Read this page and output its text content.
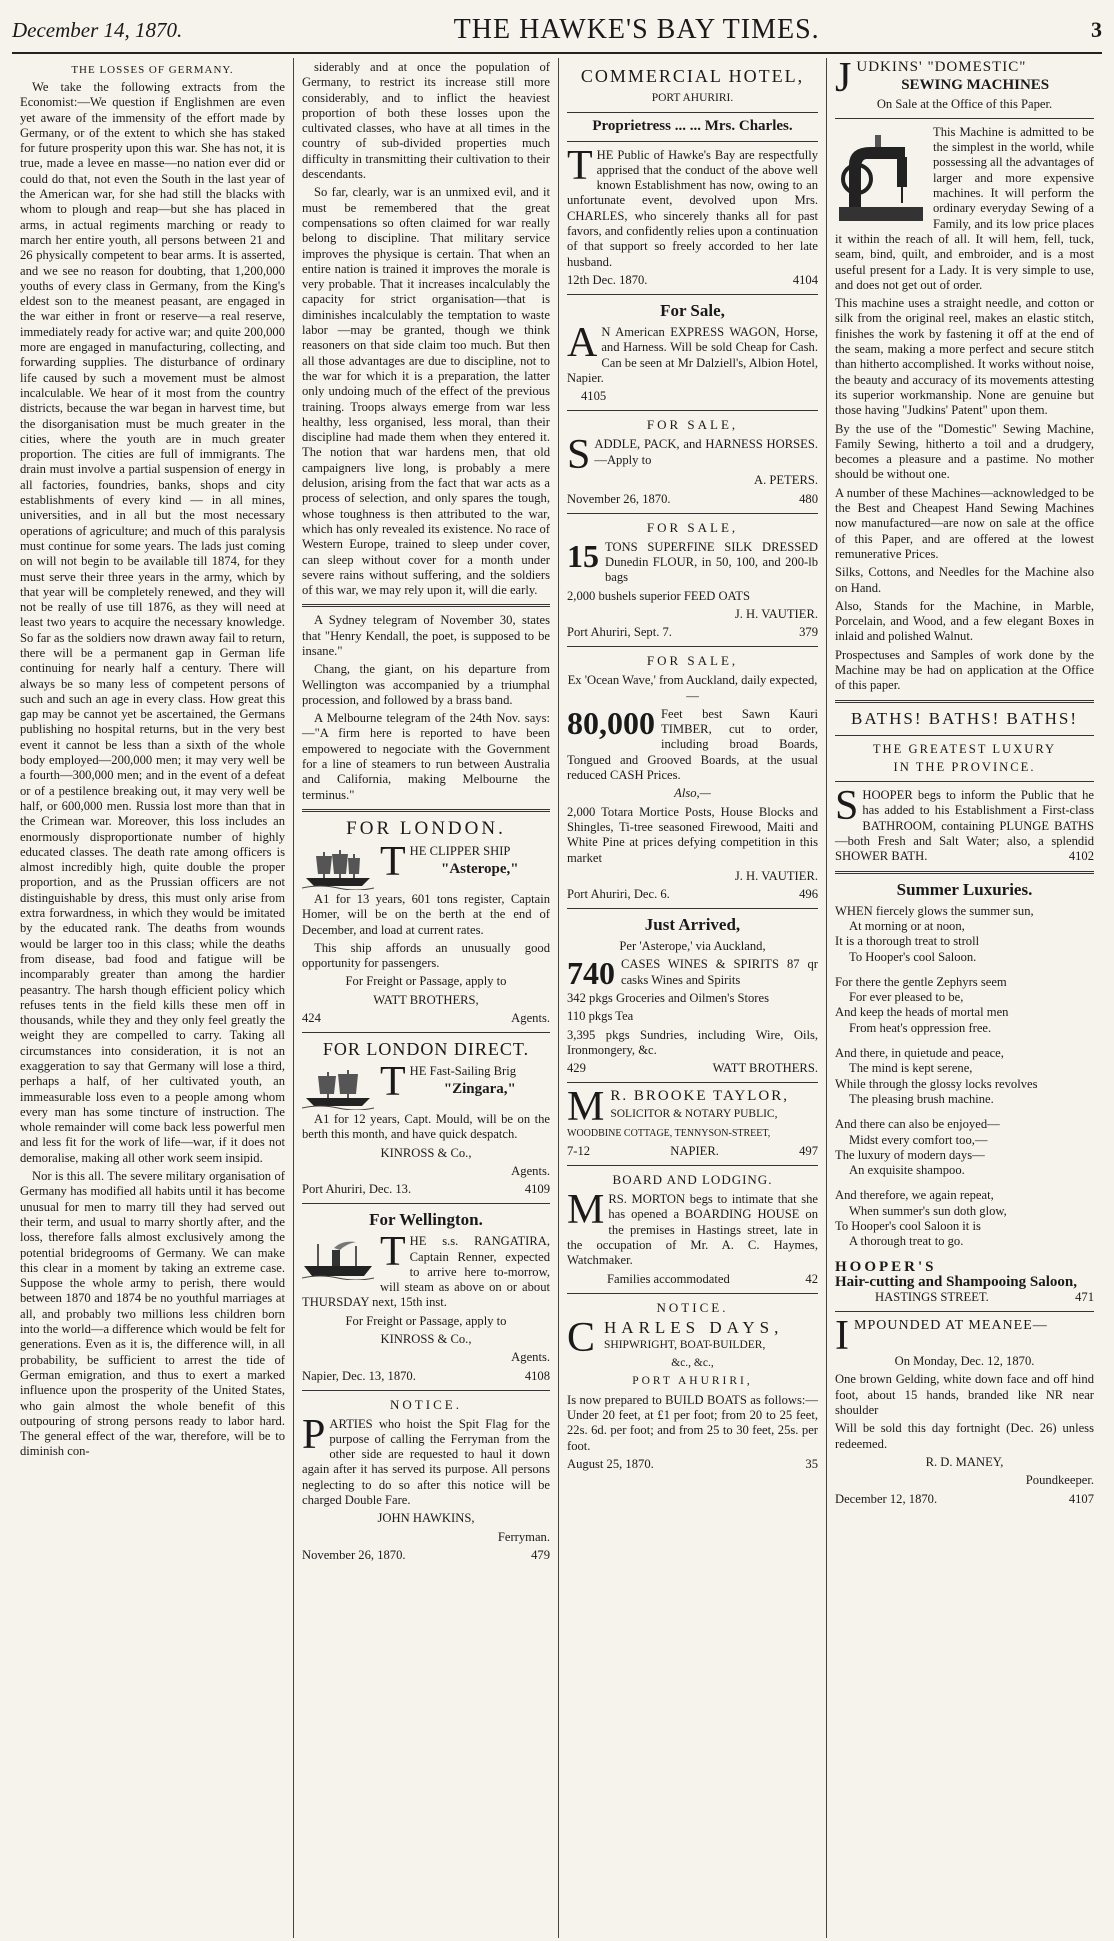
December 14, 1870.	THE HAWKE'S BAY TIMES.	3
THE LOSSES OF GERMANY.

We take the following extracts from the Economist:—We question if Englishmen are even yet aware of the immensity of the effort made by Germany, or of the extent to which she has staked for future prosperity upon this war. She has not, it is true, made a levee en masse—no nation ever did or could do that, not even the South in the last year of the American war, for she had still the blacks with whom to plough and reap—but she has placed in arms, in actual regiments marching or ready to march her entire youth, all persons between 21 and 26 physically competent to bear arms. It is asserted, and we see no reason for doubting, that 1,200,000 youths of every class in Germany, from the King's eldest son to the meanest peasant, are engaged in the war either in front or reserve—a real reserve, immediately ready for active war; and quite 200,000 more are engaged in manufacturing, collecting, and forwarding supplies. The disturbance of ordinary life caused by such a movement must be almost incalculable. We hear of it most from the country districts, because the war began in harvest time, but the disorganisation must be much greater in the cities, where the youth are in much greater proportion. The cities are full of immigrants. The drain must involve a partial suspension of energy in all factories, foundries, banks, shops and city establishments of every kind — in all mines, universities, and in all but the most necessary operations of agriculture; and much of this paralysis must continue for some years. The lads just coming on will not begin to be available till 1874, for they must serve their three years in the army, which by that year will be completely renewed, and they will not be really of use till 1876, as they will need at least two years to acquire the necessary knowledge. So far as the soldiers now drawn away fail to return, there will be a permanent gap in German life continuing for nearly half a century. There will always be so many less of competent persons of such and such an age in every class. How great this gap may be cannot yet be ascertained, the Germans publishing no hospital returns, but in the very best event it cannot be less than a sixth of the whole body employed—200,000 men; it may very well be a fourth—300,000 men; and in the event of a defeat or of a pestilence breaking out, it may very well be half, or 600,000 men. Russia lost more than that in the Crimean war. Moreover, this loss includes an enormously disproportionate number of highly educated classes. The death rate among officers is almost incredibly high, quite double the proper proportion, and as the Prussian officers are not distinguishable by dress, this must only arise from extra forwardness, in which they would be imitated by the educated rank. The deaths from wounds would be larger too in this class; while the deaths from disease, bad food and fatigue will be incomparably greater than among the hardier peasantry. The harsh though efficient policy which refuses tents in the field kills these men off in thousands, while they and they only feel greatly the weight they are compelled to carry. Taking all circumstances into consideration, it is not an exaggeration to say that Germany will lose a third, perhaps a half, of her cultivated youth, an immeasurable loss even to a people among whom every man has some tincture of instruction. The whole remainder will come back less powerful men and less fit for the work of life—war, if it does not demoralise, making all other work seem insipid.

Nor is this all. The severe military organisation of Germany has modified all habits until it has become unusual for men to marry till they had served out their term, and usual to marry shortly after, and the loss, therefore falls almost exclusively among the potential bridegrooms of Germany. We can make this clear in a moment by taking an extreme case. Suppose the whole army to perish, there would between 1870 and 1874 be no youthful marriages at all, and probably two millions less children born into the world—a difference which would be felt for generations. Even as it is, the difference will, in all probability, be sufficient to arrest the tide of German emigration, and thus to exert a marked influence upon the prosperity of the United States, who gain almost the whole benefit of this outpouring of strong persons ready to labor hard. The general effect of the war, therefore, will be to diminish con-

siderably and at once the population of Germany, to restrict its increase still more considerably, and to inflict the heaviest proportion of both these losses upon the cultivated classes, who have at all times in the country of sub-divided properties much difficulty in transmitting their cultivation to their descendants.

So far, clearly, war is an unmixed evil, and it must be remembered that the great compensations so often claimed for war really belong to discipline. That military service improves the physique is certain. That when an entire nation is trained it improves the morale is very probable. That it increases incalculably the capacity for strict organisation—that is diminishes incalculably the temptation to waste labor —may be granted, though we think reasoners on that side claim too much. But then all those advantages are due to discipline, not to the war for which it is a preparation, the latter only undoing much of the effect of the previous training. Troops always emerge from war less healthy, less organised, less moral, than their discipline had made them when they entered it. The notion that war hardens men, that old campaigners live long, is probably a mere delusion, arising from the fact that war acts as a process of selection, and only spares the tough, whose toughness is then attributed to the war, which has only revealed its existence. No race of Western Europe, trained to sleep under cover, can sleep without cover for a month under severe rains without suffering, and the soldiers of this war, we may rely upon it, will die early.

A Sydney telegram of November 30, states that "Henry Kendall, the poet, is supposed to be insane."

Chang, the giant, on his departure from Wellington was accompanied by a triumphal procession, and followed by a brass band.

A Melbourne telegram of the 24th Nov. says:—"A firm here is reported to have been empowered to negociate with the Government for a line of steamers to run between Australia and California, making Melbourne the terminus."

FOR LONDON.

THE CLIPPER SHIP

"Asterope,"

A1 for 13 years, 601 tons register, Captain Homer, will be on the berth at the end of December, and load at current rates.

This ship affords an unusually good opportunity for passengers.

For Freight or Passage, apply to

WATT BROTHERS,

424	Agents.
FOR LONDON DIRECT.

THE Fast-Sailing Brig

"Zingara,"

A1 for 12 years, Capt. Mould, will be on the berth this month, and have quick despatch.

KINROSS & Co.,

Agents.

Port Ahuriri, Dec. 13.	4109
For Wellington.

THE s.s. RANGATIRA, Captain Renner, expected to arrive here to-morrow, will steam as above on or about THURSDAY next, 15th inst.

For Freight or Passage, apply to

KINROSS & Co.,

Agents.

Napier, Dec. 13, 1870.	4108
NOTICE.

PARTIES who hoist the Spit Flag for the purpose of calling the Ferryman from the other side are requested to haul it down again after it has served its purpose. All persons neglecting to do so after this notice will be charged Double Fare.

JOHN HAWKINS,

Ferryman.

November 26, 1870.	479
COMMERCIAL HOTEL,

PORT AHURIRI.

Proprietress ... ... Mrs. Charles.

THE Public of Hawke's Bay are respectfully apprised that the conduct of the above well known Establishment has now, owing to an unfortunate event, devolved upon Mrs. CHARLES, who sincerely thanks all for past favors, and confidently relies upon a continuation of that support so freely accorded to her late husband.

12th Dec. 1870.	4104
For Sale,

A N American EXPRESS WAGON, Horse, and Harness. Will be sold Cheap for Cash. Can be seen at Mr Dalziell's, Albion Hotel, Napier.

4105

FOR SALE,

SADDLE, PACK, and HARNESS HORSES.—Apply to

A. PETERS.

November 26, 1870.	480
FOR SALE,

15 TONS SUPERFINE SILK DRESSED Dunedin FLOUR, in 50, 100, and 200-lb bags

2,000 bushels superior FEED OATS

J. H. VAUTIER.

Port Ahuriri, Sept. 7.	379
FOR SALE,

Ex 'Ocean Wave,' from Auckland, daily expected,—

80,000 Feet best Sawn Kauri TIMBER, cut to order, including broad Boards, Tongued and Grooved Boards, at the usual reduced CASH Prices.

Also,—

2,000 Totara Mortice Posts, House Blocks and Shingles, Ti-tree seasoned Firewood, Maiti and White Pine at prices defying competition in this market

J. H. VAUTIER.

Port Ahuriri, Dec. 6.	496
Just Arrived,

Per 'Asterope,' via Auckland,

740 CASES WINES & SPIRITS 87 qr casks Wines and Spirits

342 pkgs Groceries and Oilmen's Stores

110 pkgs Tea

3,395 pkgs Sundries, including Wire, Oils, Ironmongery, &c.

429	WATT BROTHERS.

M R. BROOKE TAYLOR,

SOLICITOR & NOTARY PUBLIC,

WOODBINE COTTAGE, TENNYSON-STREET,

7-12	NAPIER.	497
BOARD AND LODGING.

MRS. MORTON begs to intimate that she has opened a BOARDING HOUSE on the premises in Hastings street, late in the occupation of Mr. A. C. Haymes, Watchmaker.

Families accommodated	42
NOTICE.

CHARLES DAYS,

SHIPWRIGHT, BOAT-BUILDER,

&c., &c.,

PORT AHURIRI,

Is now prepared to BUILD BOATS as follows:—Under 20 feet, at £1 per foot; from 20 to 25 feet, 22s. 6d. per foot; and from 25 to 30 feet, 25s. per foot.

August 25, 1870.	35

JUDKINS' "DOMESTIC"

SEWING MACHINES

On Sale at the Office of this Paper.

This Machine is admitted to be the simplest in the world, while possessing all the advantages of larger and more expensive machines. It will perform the ordinary everyday Sewing of a Family, and its low price places it within the reach of all. It will hem, fell, tuck, seam, bind, quilt, and embroider, and is a most useful present for a Lady. It is very simple to use, and does not get out of order.

This machine uses a straight needle, and cotton or silk from the original reel, makes an elastic stitch, finishes the work by fastening it off at the end of the seam, making a more perfect and secure stitch than hitherto accomplished. It works without noise, the beauty and accuracy of its movements attesting its superior workmanship. None are genuine but those having "Judkins' Patent" upon them.

By the use of the "Domestic" Sewing Machine, Family Sewing, hitherto a toil and a drudgery, becomes a pleasure and a pastime. No mother should be without one.

A number of these Machines—acknowledged to be the Best and Cheapest Hand Sewing Machines now manufactured—are now on sale at the office of this Paper, and are offered at the lowest remunerative Prices.

Silks, Cottons, and Needles for the Machine also on Hand.

Also, Stands for the Machine, in Marble, Porcelain, and Wood, and a few elegant Boxes in inlaid and polished Walnut.

Prospectuses and Samples of work done by the Machine may be had on application at the Office of this paper.

BATHS! BATHS! BATHS!

THE GREATEST LUXURY

IN THE PROVINCE.

SHOOPER begs to inform the Public that he has added to his Establishment a First-class BATHROOM, containing PLUNGE BATHS —both Fresh and Salt Water; also, a splendid SHOWER BATH.	4102

Summer Luxuries.

WHEN fiercely glows the summer sun,

At morning or at noon,

It is a thorough treat to stroll

To Hooper's cool Saloon.

For there the gentle Zephyrs seem

For ever pleased to be,

And keep the heads of mortal men

From heat's oppression free.

And there, in quietude and peace,

The mind is kept serene,

While through the glossy locks revolves

The pleasing brush machine.

And there can also be enjoyed—

Midst every comfort too,—

The luxury of modern days—

An exquisite shampoo.

And therefore, we again repeat,

When summer's sun doth glow,

To Hooper's cool Saloon it is

A thorough treat to go.

HOOPER'S

Hair-cutting and Shampooing Saloon,

HASTINGS STREET.	471

IMPOUNDED AT MEANEE—

On Monday, Dec. 12, 1870.

One brown Gelding, white down face and off hind foot, about 15 hands, branded like NR near shoulder

Will be sold this day fortnight (Dec. 26) unless redeemed.

R. D. MANEY,

Poundkeeper.

December 12, 1870.	4107
